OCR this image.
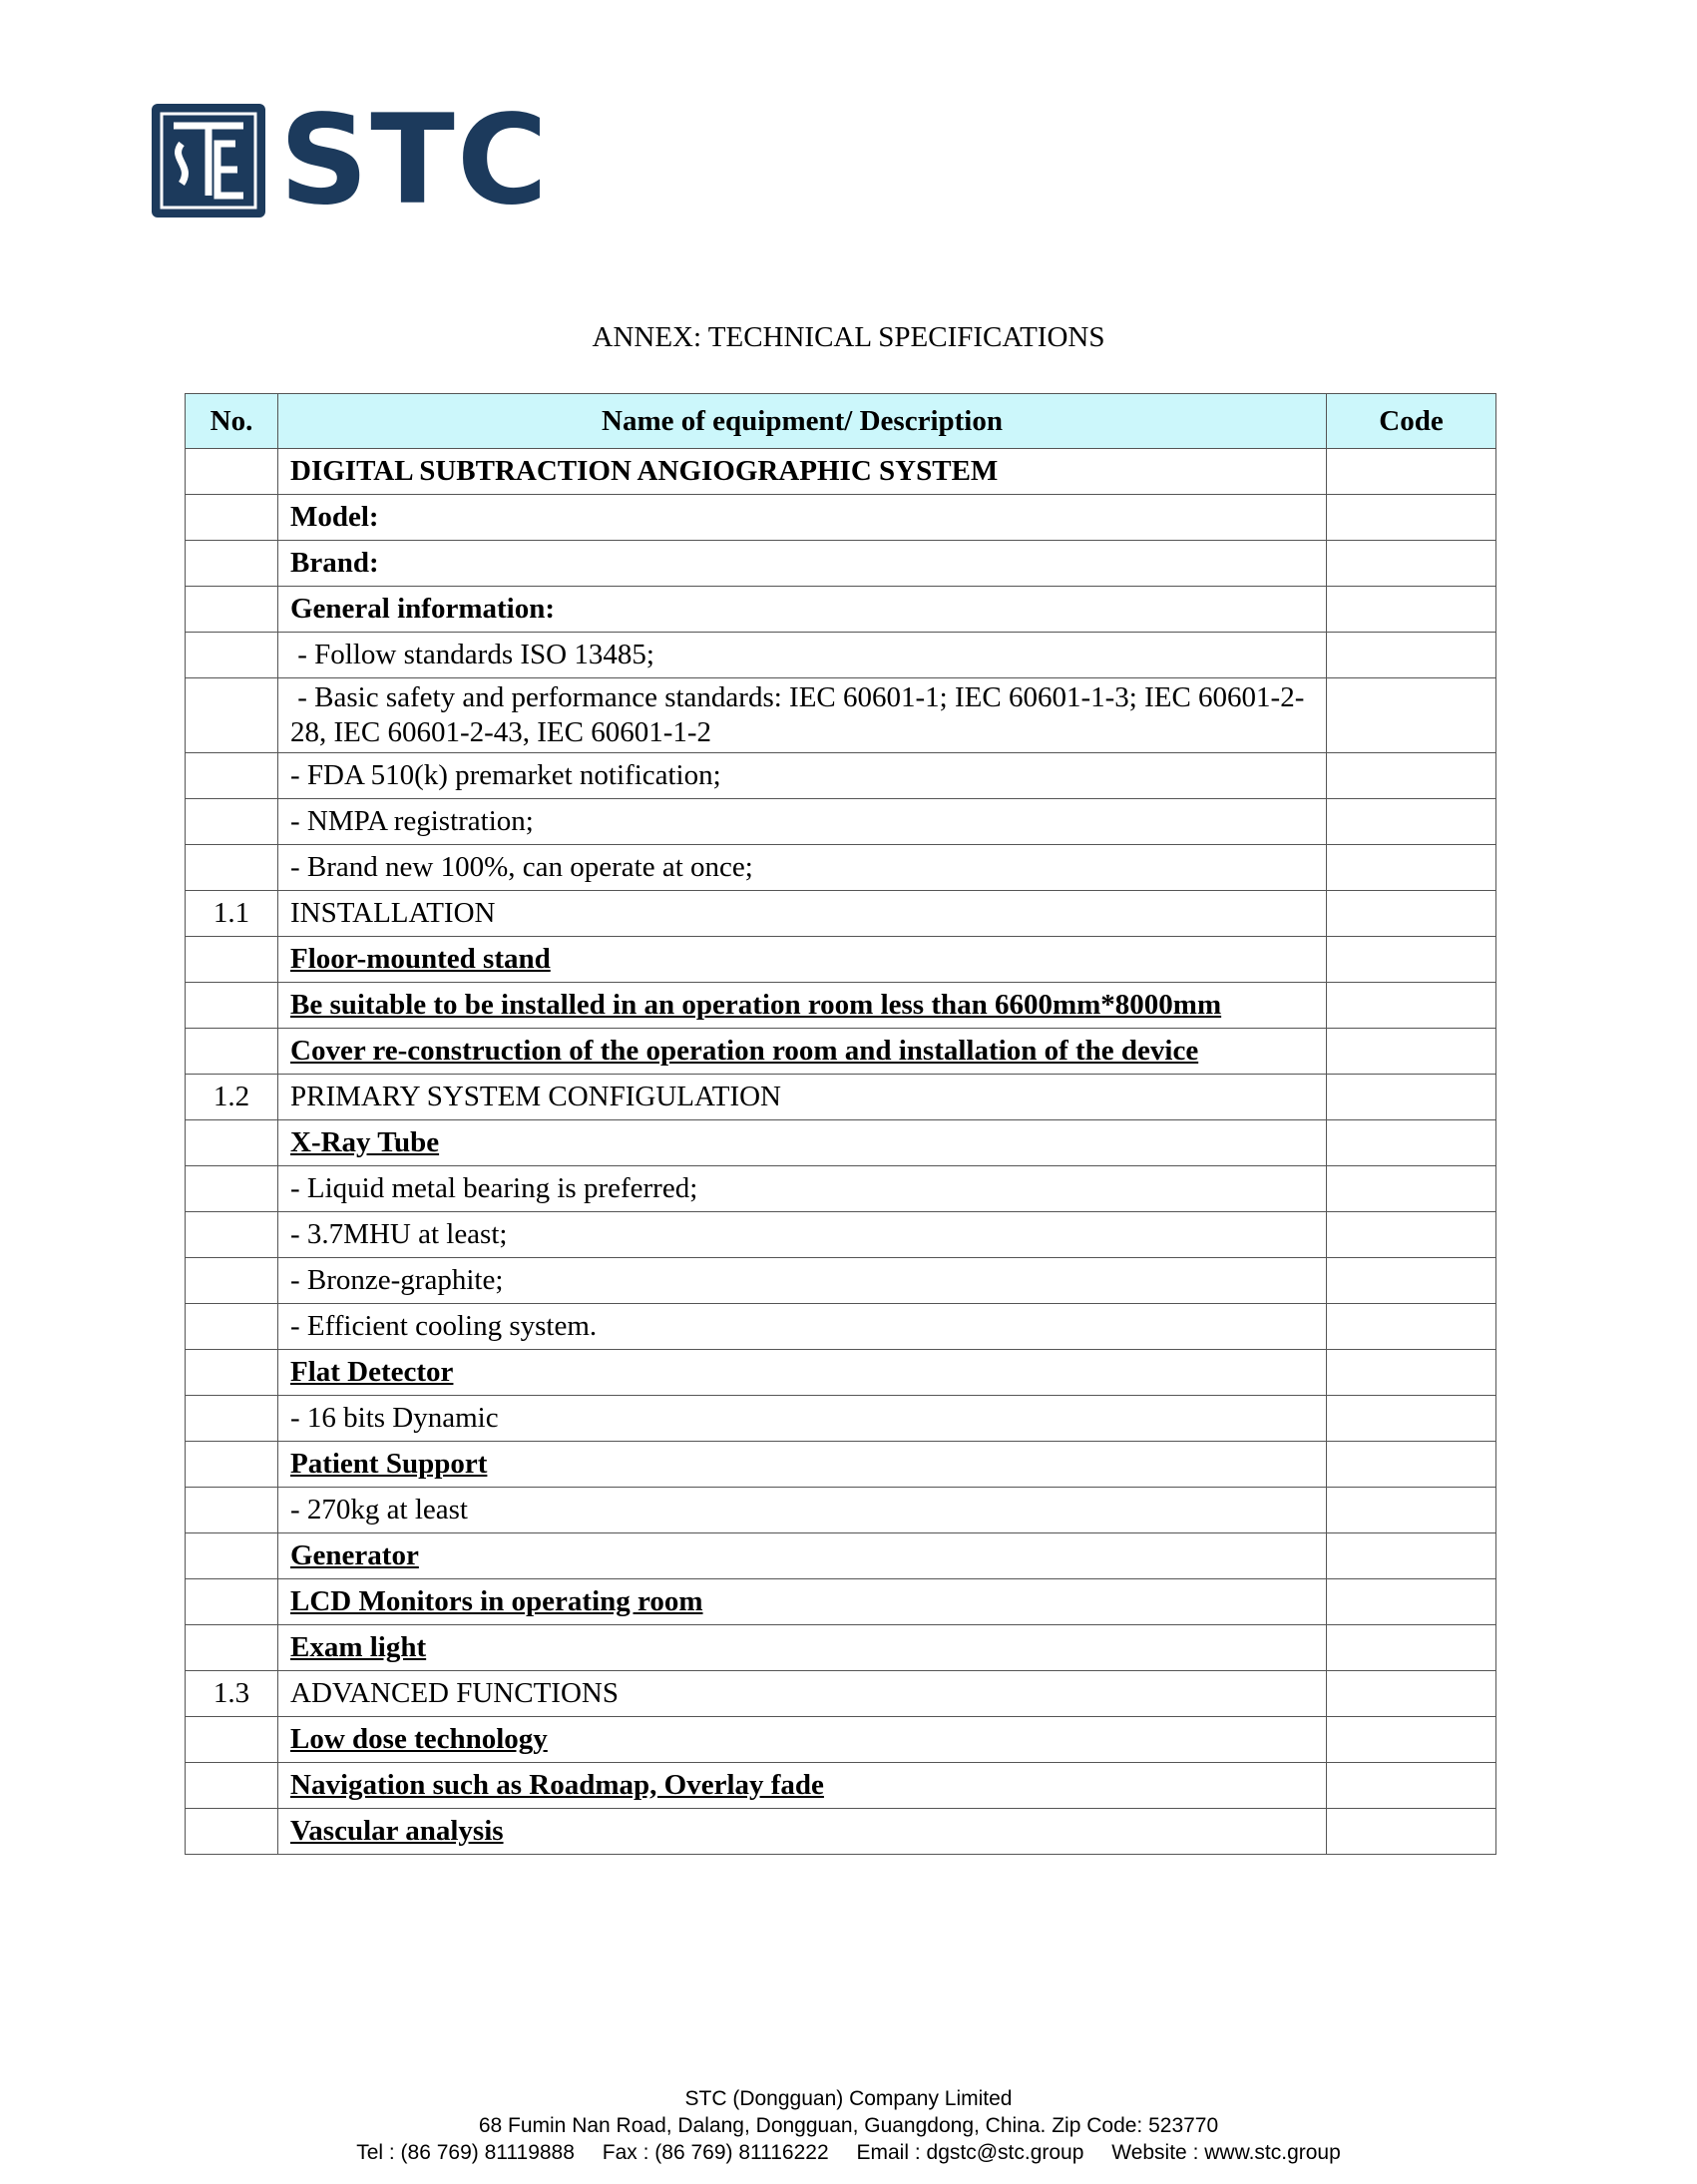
STC
ANNEX: TECHNICAL SPECIFICATIONS
No.	Name of equipment/ Description	Code
	DIGITAL SUBTRACTION ANGIOGRAPHIC SYSTEM	
	Model:	
	Brand:	
	General information:	
	- Follow standards ISO 13485;	
	- Basic safety and performance standards: IEC 60601-1; IEC 60601-1-3; IEC 60601-2-28, IEC 60601-2-43, IEC 60601-1-2	
	- FDA 510(k) premarket notification;	
	- NMPA registration;	
	- Brand new 100%, can operate at once;	
1.1	INSTALLATION	
	Floor-mounted stand	
	Be suitable to be installed in an operation room less than 6600mm*8000mm	
	Cover re-construction of the operation room and installation of the device	
1.2	PRIMARY SYSTEM CONFIGULATION	
	X-Ray Tube	
	- Liquid metal bearing is preferred;	
	- 3.7MHU at least;	
	- Bronze-graphite;	
	- Efficient cooling system.	
	Flat Detector	
	- 16 bits Dynamic	
	Patient Support	
	- 270kg at least	
	Generator	
	LCD Monitors in operating room	
	Exam light	
1.3	ADVANCED FUNCTIONS	
	Low dose technology	
	Navigation such as Roadmap, Overlay fade	
	Vascular analysis	
STC (Dongguan) Company Limited
68 Fumin Nan Road, Dalang, Dongguan, Guangdong, China. Zip Code: 523770
Tel : (86 769) 81119888 Fax : (86 769) 81116222 Email : dgstc@stc.group Website : www.stc.group
